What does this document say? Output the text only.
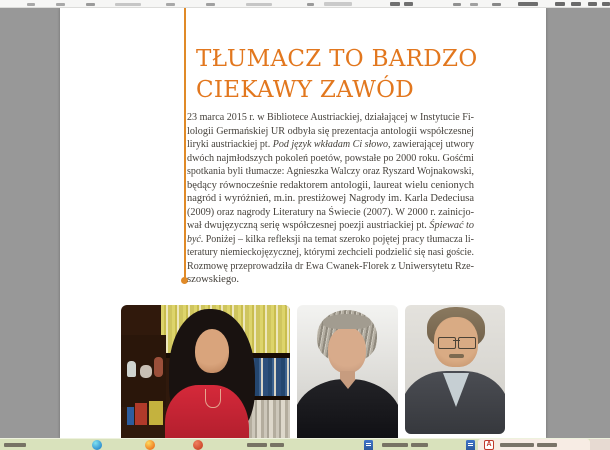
TŁUMACZ TO BARDZO
CIEKAWY ZAWÓD
23 marca 2015 r. w Bibliotece Austriackiej, działającej w Instytucie Fi-
lologii Germańskiej UR odbyła się prezentacja antologii współczesnej
liryki austriackiej pt. Pod język wkładam Ci słowo, zawierającej utwory
dwóch najmłodszych pokoleń poetów, powstałe po 2000 roku. Gośćmi
spotkania byli tłumacze: Agnieszka Walczy oraz Ryszard Wojnakowski,
będący równocześnie redaktorem antologii, laureat wielu cenionych
nagród i wyróżnień, m.in. prestiżowej Nagrody im. Karla Dedeciusa
(2009) oraz nagrody Literatury na Świecie (2007). W 2000 r. zainicjo-
wał dwujęzyczną serię współczesnej poezji austriackiej pt. Śpiewać to
być. Poniżej – kilka refleksji na temat szeroko pojętej pracy tłumacza li-
teratury niemieckojęzycznej, którymi zechcieli podzielić się nasi goście.
Rozmowę przeprowadziła dr Ewa Cwanek-Florek z Uniwersytetu Rze-
szowskiego.
A
